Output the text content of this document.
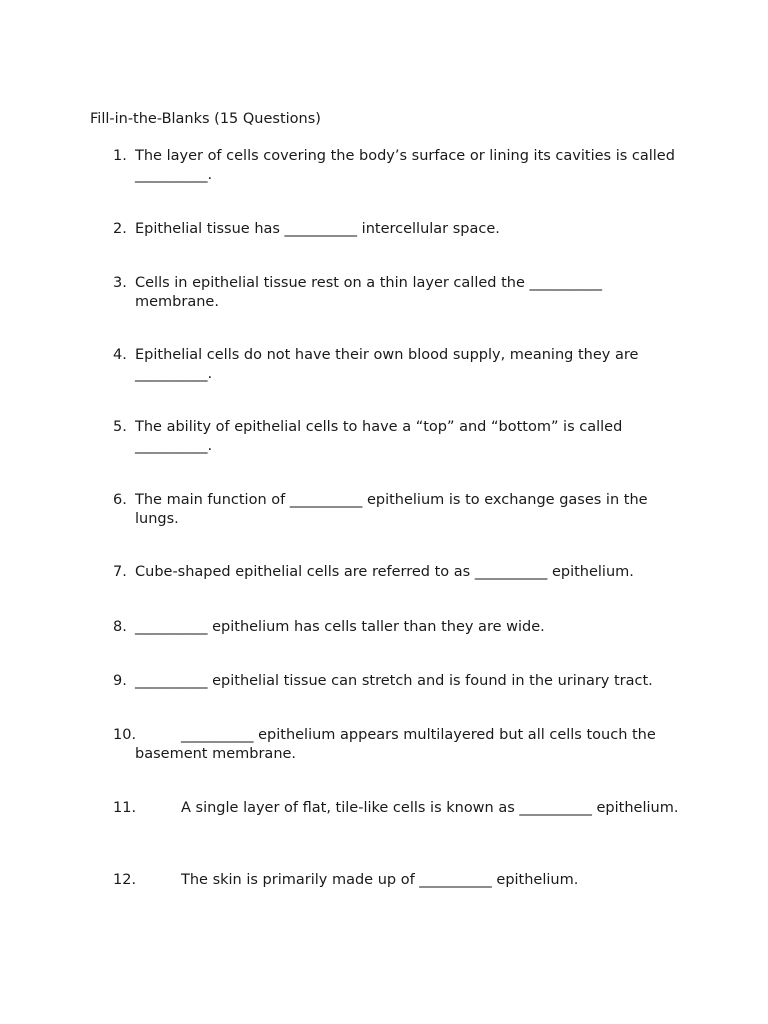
Fill-in-the-Blanks (15 Questions)
1. The layer of cells covering the body’s surface or lining its cavities is called __________.
2. Epithelial tissue has __________ intercellular space.
3. Cells in epithelial tissue rest on a thin layer called the __________ membrane.
4. Epithelial cells do not have their own blood supply, meaning they are __________.
5. The ability of epithelial cells to have a “top” and “bottom” is called __________.
6. The main function of __________ epithelium is to exchange gases in the lungs.
7. Cube-shaped epithelial cells are referred to as __________ epithelium.
8. __________ epithelium has cells taller than they are wide.
9. __________ epithelial tissue can stretch and is found in the urinary tract.
10.	__________ epithelium appears multilayered but all cells touch the basement membrane.
11.	A single layer of flat, tile-like cells is known as __________ epithelium.
12.	The skin is primarily made up of __________ epithelium.
